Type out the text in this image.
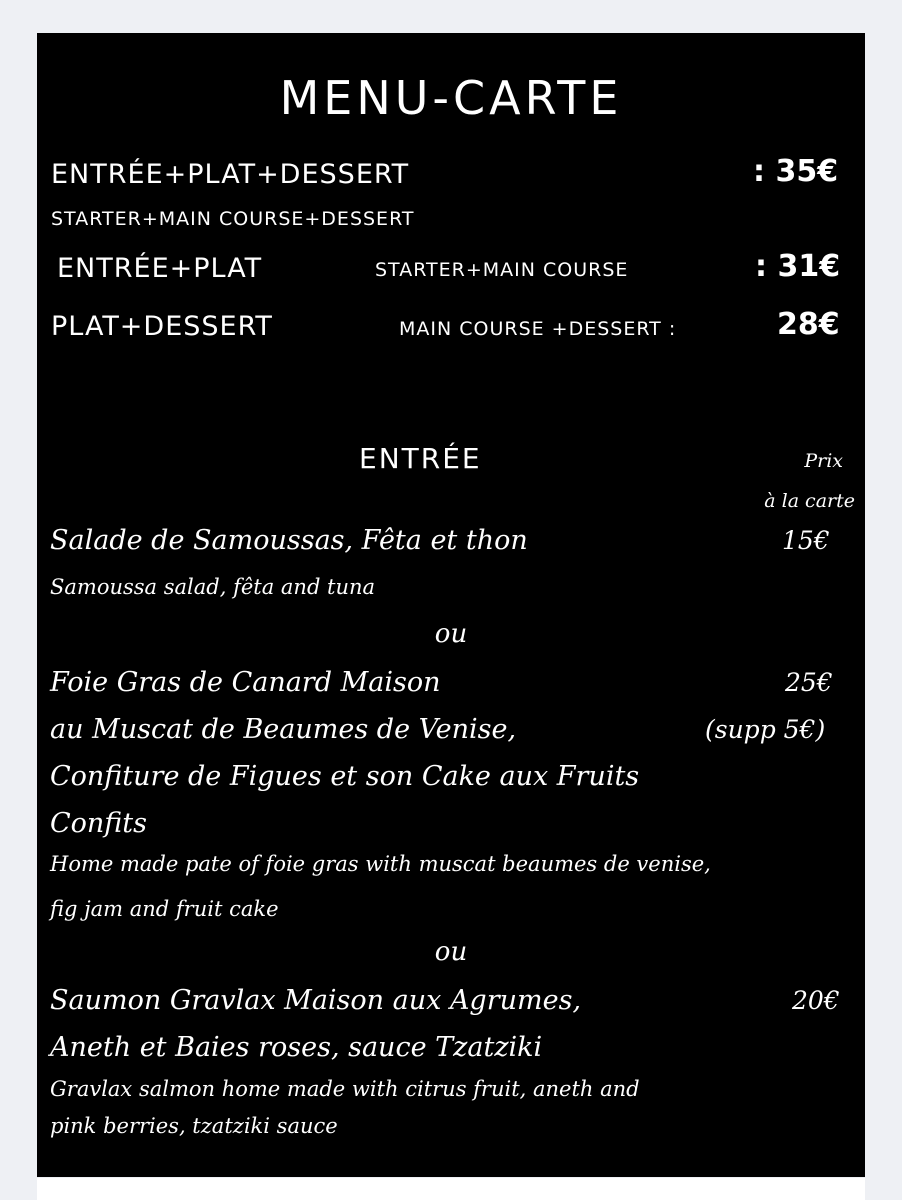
MENU-CARTE
ENTRÉE+PLAT+DESSERT	: 35€
STARTER+MAIN COURSE+DESSERT
ENTRÉE+PLAT	STARTER+MAIN COURSE	: 31€
PLAT+DESSERT	MAIN COURSE +DESSERT :	28€
ENTRÉE	Prix
à la carte
Salade de Samoussas, Fêta et thon	15€
Samoussa salad, fêta and tuna
ou
Foie Gras de Canard Maison	25€
au Muscat de Beaumes de Venise,	(supp 5€)
Confiture de Figues et son Cake aux Fruits
Confits
Home made pate of foie gras with muscat beaumes de venise,
fig jam and fruit cake
ou
Saumon Gravlax Maison aux Agrumes,	20€
Aneth et Baies roses, sauce Tzatziki
Gravlax salmon home made with citrus fruit, aneth and
pink berries, tzatziki sauce
